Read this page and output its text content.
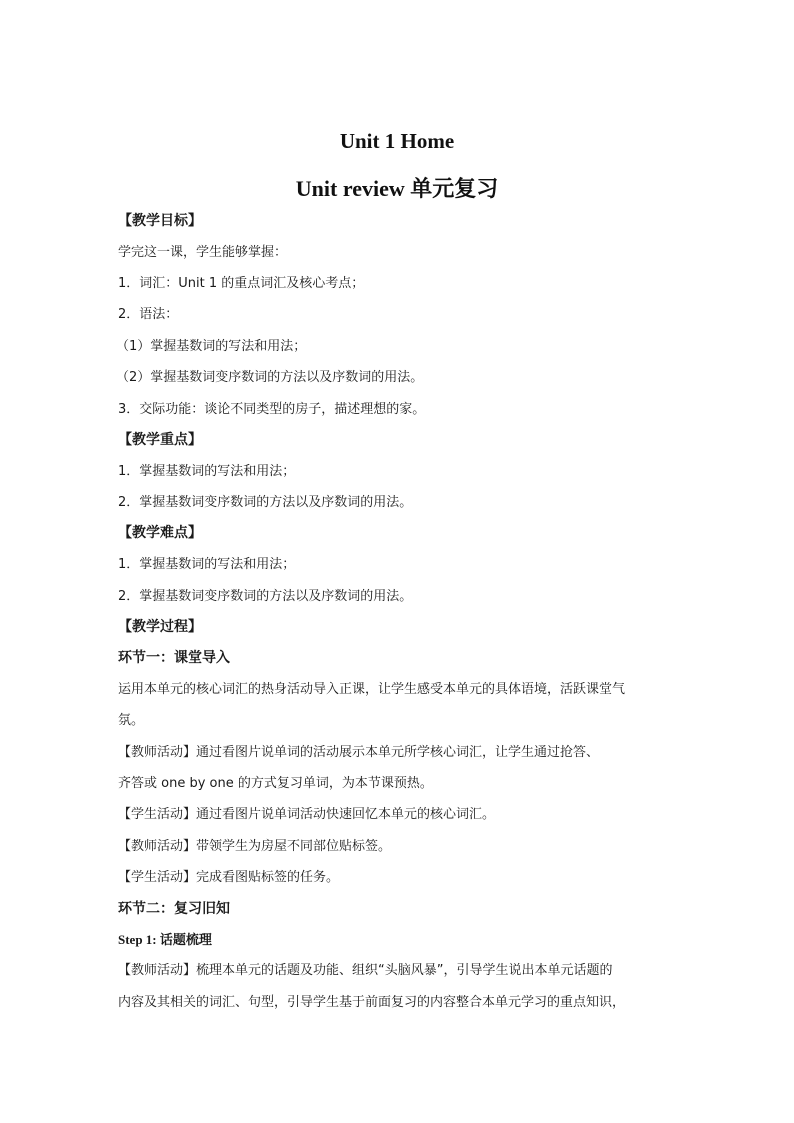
Unit 1 Home
Unit review 单元复习
【教学目标】
学完这一课，学生能够掌握：
1．词汇：Unit 1 的重点词汇及核心考点；
2．语法：
（1）掌握基数词的写法和用法；
（2）掌握基数词变序数词的方法以及序数词的用法。
3．交际功能：谈论不同类型的房子，描述理想的家。
【教学重点】
1．掌握基数词的写法和用法；
2．掌握基数词变序数词的方法以及序数词的用法。
【教学难点】
1．掌握基数词的写法和用法；
2．掌握基数词变序数词的方法以及序数词的用法。
【教学过程】
环节一：课堂导入
运用本单元的核心词汇的热身活动导入正课，让学生感受本单元的具体语境，活跃课堂气
氛。
【教师活动】通过看图片说单词的活动展示本单元所学核心词汇，让学生通过抢答、
齐答或 one by one 的方式复习单词，为本节课预热。
【学生活动】通过看图片说单词活动快速回忆本单元的核心词汇。
【教师活动】带领学生为房屋不同部位贴标签。
【学生活动】完成看图贴标签的任务。
环节二：复习旧知
Step 1: 话题梳理
【教师活动】梳理本单元的话题及功能、组织“头脑风暴”，引导学生说出本单元话题的
内容及其相关的词汇、句型，引导学生基于前面复习的内容整合本单元学习的重点知识，
